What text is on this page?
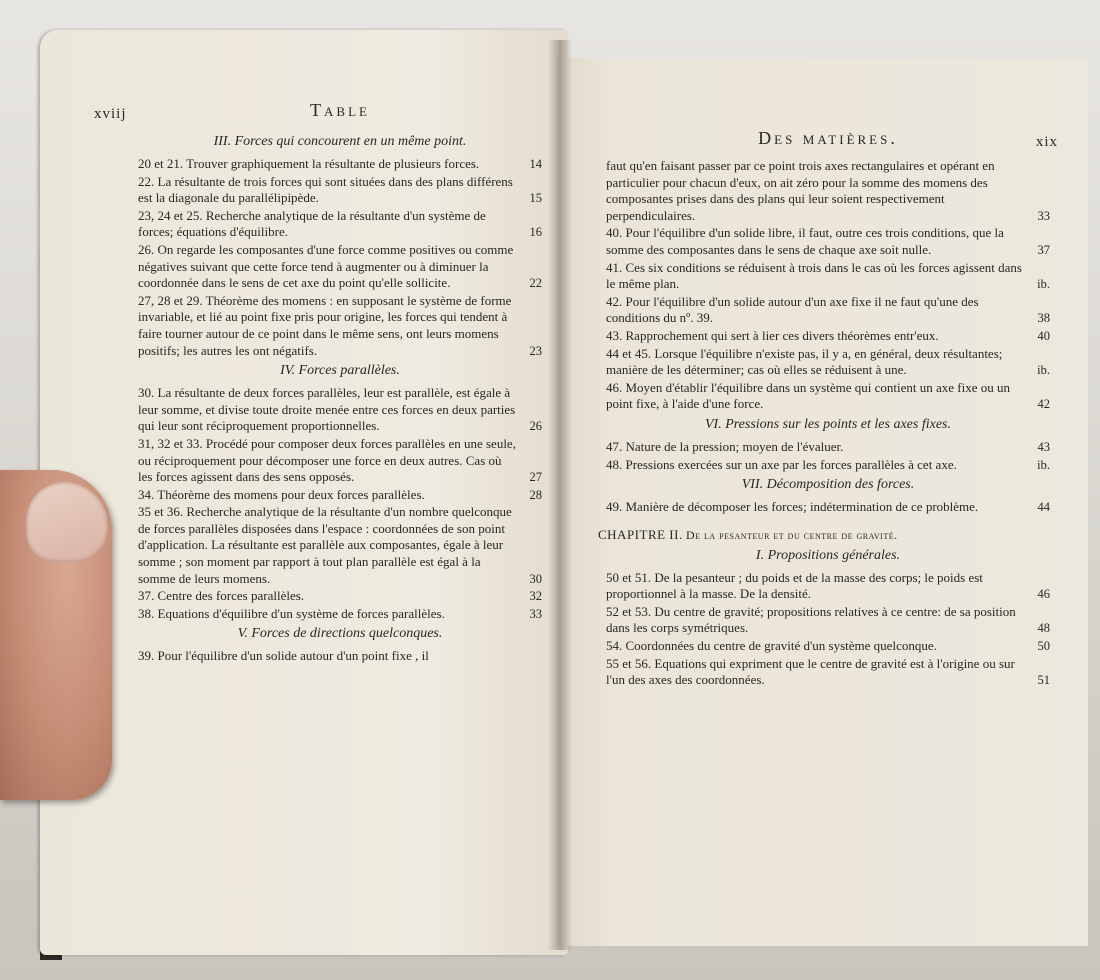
xviij	Table
III. Forces qui concourent en un même point.
20 et 21. Trouver graphiquement la résultante de plusieurs forces.	14
22. La résultante de trois forces qui sont situées dans des plans différens est la diagonale du parallélipipède.	15
23, 24 et 25. Recherche analytique de la résultante d'un système de forces; équations d'équilibre.	16
26. On regarde les composantes d'une force comme positives ou comme négatives suivant que cette force tend à augmenter ou à diminuer la coordonnée dans le sens de cet axe du point qu'elle sollicite.	22
27, 28 et 29. Théorème des momens : en supposant le système de forme invariable, et lié au point fixe pris pour origine, les forces qui tendent à faire tourner autour de ce point dans le même sens, ont leurs momens positifs; les autres les ont négatifs.	23
IV. Forces parallèles.
30. La résultante de deux forces parallèles, leur est parallèle, est égale à leur somme, et divise toute droite menée entre ces forces en deux parties qui leur sont réciproquement proportionnelles.	26
31, 32 et 33. Procédé pour composer deux forces parallèles en une seule, ou réciproquement pour décomposer une force en deux autres. Cas où les forces agissent dans des sens opposés.	27
34. Théorème des momens pour deux forces parallèles.	28
35 et 36. Recherche analytique de la résultante d'un nombre quelconque de forces parallèles disposées dans l'espace : coordonnées de son point d'application. La résultante est parallèle aux composantes, égale à leur somme ; son moment par rapport à tout plan parallèle est égal à la somme de leurs momens.	30
37. Centre des forces parallèles.	32
38. Equations d'équilibre d'un système de forces parallèles.	33
V. Forces de directions quelconques.
39. Pour l'équilibre d'un solide autour d'un point fixe , il
Des matières.	xix
faut qu'en faisant passer par ce point trois axes rectangulaires et opérant en particulier pour chacun d'eux, on ait zéro pour la somme des momens des composantes prises dans des plans qui leur soient respectivement perpendiculaires.	33
40. Pour l'équilibre d'un solide libre, il faut, outre ces trois conditions, que la somme des composantes dans le sens de chaque axe soit nulle.	37
41. Ces six conditions se réduisent à trois dans le cas où les forces agissent dans le même plan.	ib.
42. Pour l'équilibre d'un solide autour d'un axe fixe il ne faut qu'une des conditions du nº. 39.	38
43. Rapprochement qui sert à lier ces divers théorèmes entr'eux.	40
44 et 45. Lorsque l'équilibre n'existe pas, il y a, en général, deux résultantes; manière de les déterminer; cas où elles se réduisent à une.	ib.
46. Moyen d'établir l'équilibre dans un système qui contient un axe fixe ou un point fixe, à l'aide d'une force.	42
VI. Pressions sur les points et les axes fixes.
47. Nature de la pression; moyen de l'évaluer.	43
48. Pressions exercées sur un axe par les forces parallèles à cet axe.	ib.
VII. Décomposition des forces.
49. Manière de décomposer les forces; indétermination de ce problème.	44
CHAPITRE II. De la pesanteur et du centre de gravité.
I. Propositions générales.
50 et 51. De la pesanteur ; du poids et de la masse des corps; le poids est proportionnel à la masse. De la densité.	46
52 et 53. Du centre de gravité; propositions relatives à ce centre: de sa position dans les corps symétriques.	48
54. Coordonnées du centre de gravité d'un système quelconque.	50
55 et 56. Equations qui expriment que le centre de gravité est à l'origine ou sur l'un des axes des coordonnées.	51
